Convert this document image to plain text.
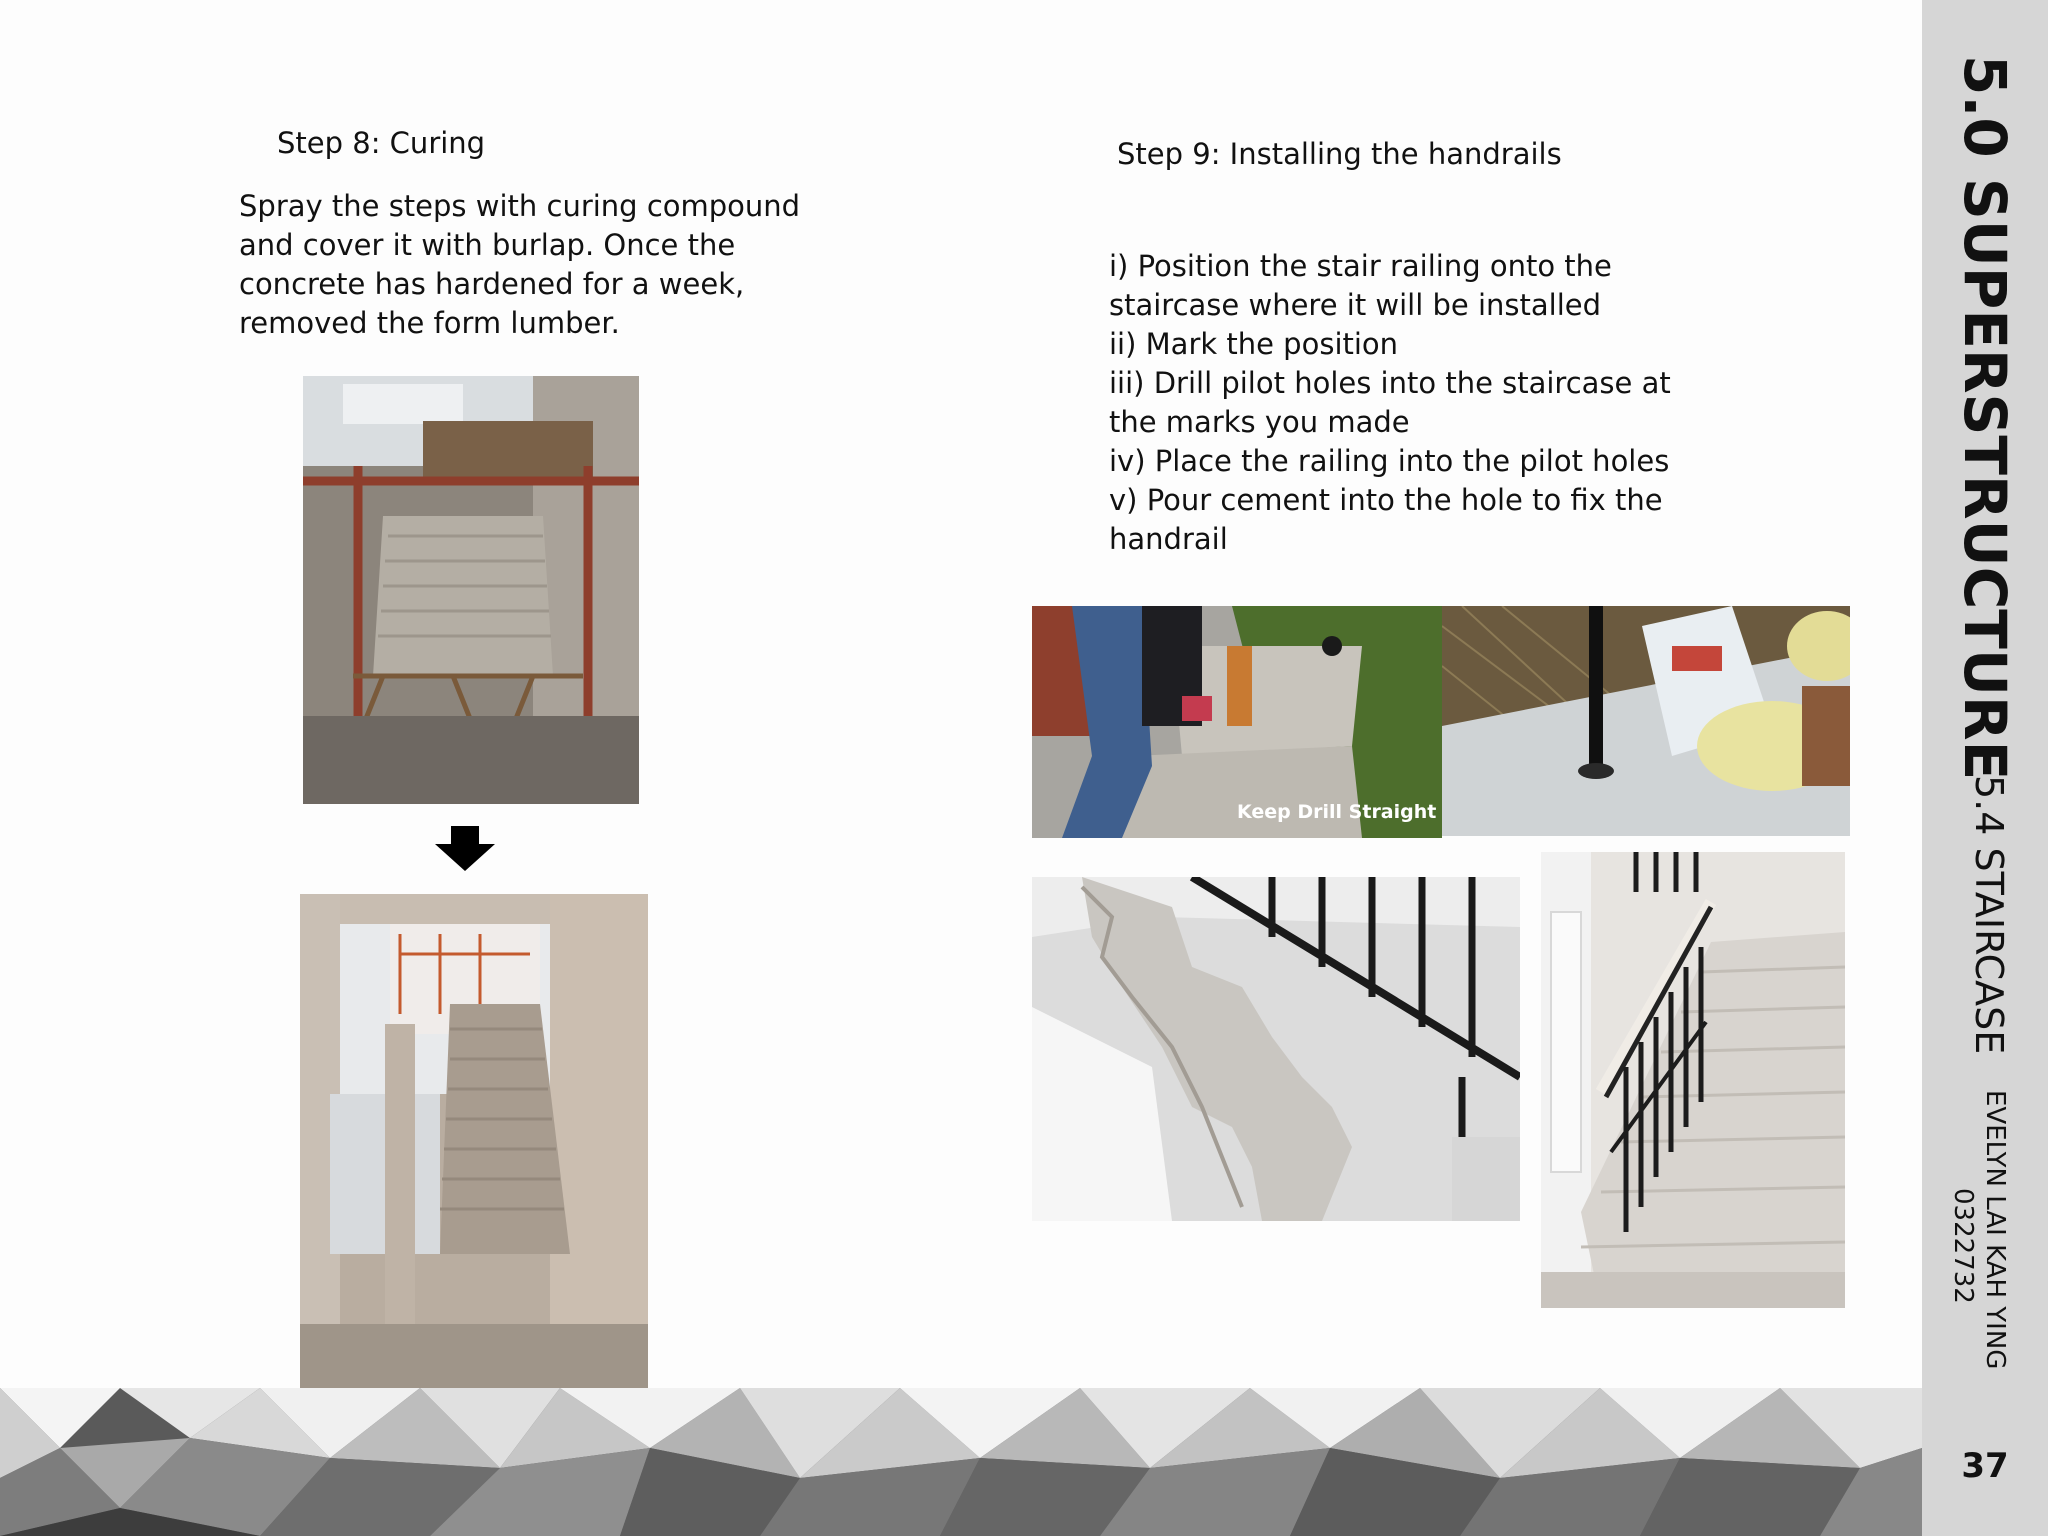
Step 8: Curing
Spray the steps with curing compound and cover it with burlap. Once the concrete has hardened for a week, removed the form lumber.
Step 9: Installing the handrails
i) Position the stair railing onto the staircase where it will be installed
ii) Mark the position
iii) Drill pilot holes into the staircase at the marks you made
iv) Place the railing into the pilot holes
v) Pour cement into the hole to fix the handrail
Keep Drill Straight
5.0 SUPERSTRUCTURE
5.4 STAIRCASE
EVELYN LAI KAH YING
0322732
37
